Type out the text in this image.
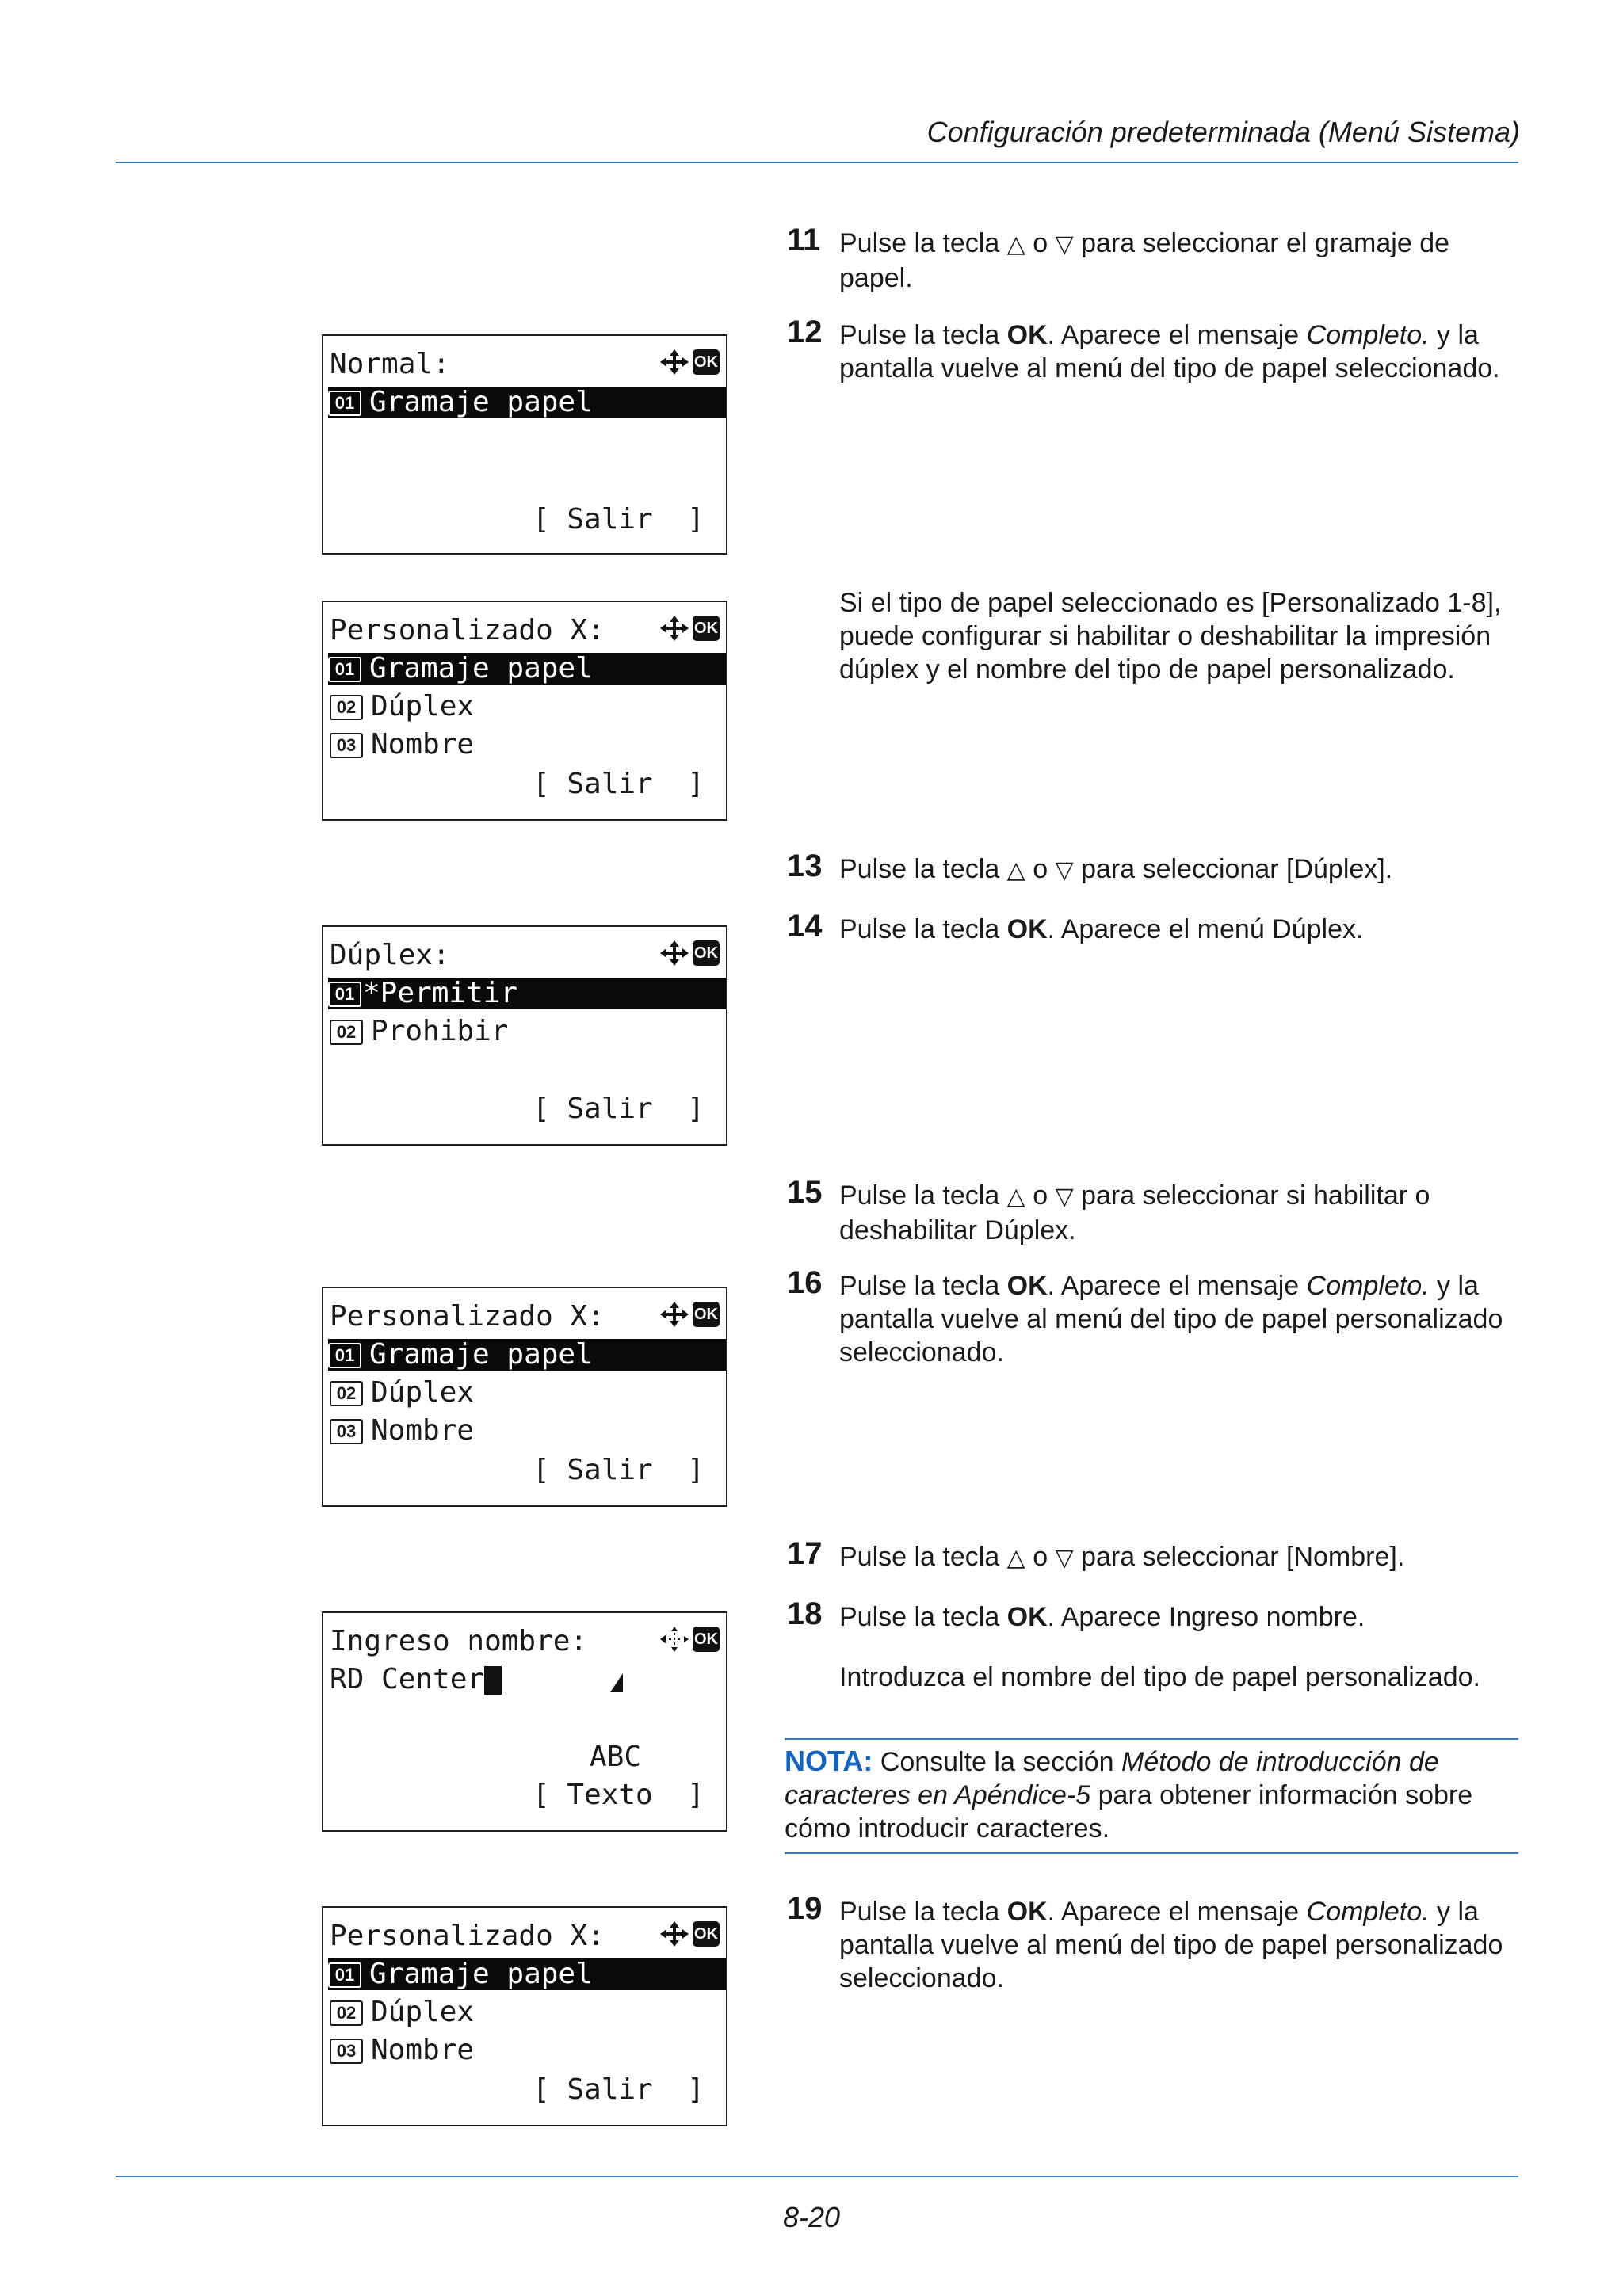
Configuración predeterminada (Menú Sistema)
Normal:	OK
01 Gramaje papel
[ Salir  ]
Personalizado X:	OK
01 Gramaje papel
02 Dúplex
03 Nombre
[ Salir  ]
Dúplex:	OK
01 *Permitir
02 Prohibir
[ Salir  ]
Personalizado X:	OK
01 Gramaje papel
02 Dúplex
03 Nombre
[ Salir  ]
Ingreso nombre:	OK
RD Center
ABC
[ Texto  ]
Personalizado X:	OK
01 Gramaje papel
02 Dúplex
03 Nombre
[ Salir  ]
11 Pulse la tecla △ o ▽ para seleccionar el gramaje de papel.
12 Pulse la tecla OK. Aparece el mensaje Completo. y la pantalla vuelve al menú del tipo de papel seleccionado.
Si el tipo de papel seleccionado es [Personalizado 1-8], puede configurar si habilitar o deshabilitar la impresión dúplex y el nombre del tipo de papel personalizado.
13 Pulse la tecla △ o ▽ para seleccionar [Dúplex].
14 Pulse la tecla OK. Aparece el menú Dúplex.
15 Pulse la tecla △ o ▽ para seleccionar si habilitar o deshabilitar Dúplex.
16 Pulse la tecla OK. Aparece el mensaje Completo. y la pantalla vuelve al menú del tipo de papel personalizado seleccionado.
17 Pulse la tecla △ o ▽ para seleccionar [Nombre].
18 Pulse la tecla OK. Aparece Ingreso nombre.
Introduzca el nombre del tipo de papel personalizado.
NOTA: Consulte la sección Método de introducción de caracteres en Apéndice-5 para obtener información sobre cómo introducir caracteres.
19 Pulse la tecla OK. Aparece el mensaje Completo. y la pantalla vuelve al menú del tipo de papel personalizado seleccionado.
8-20
